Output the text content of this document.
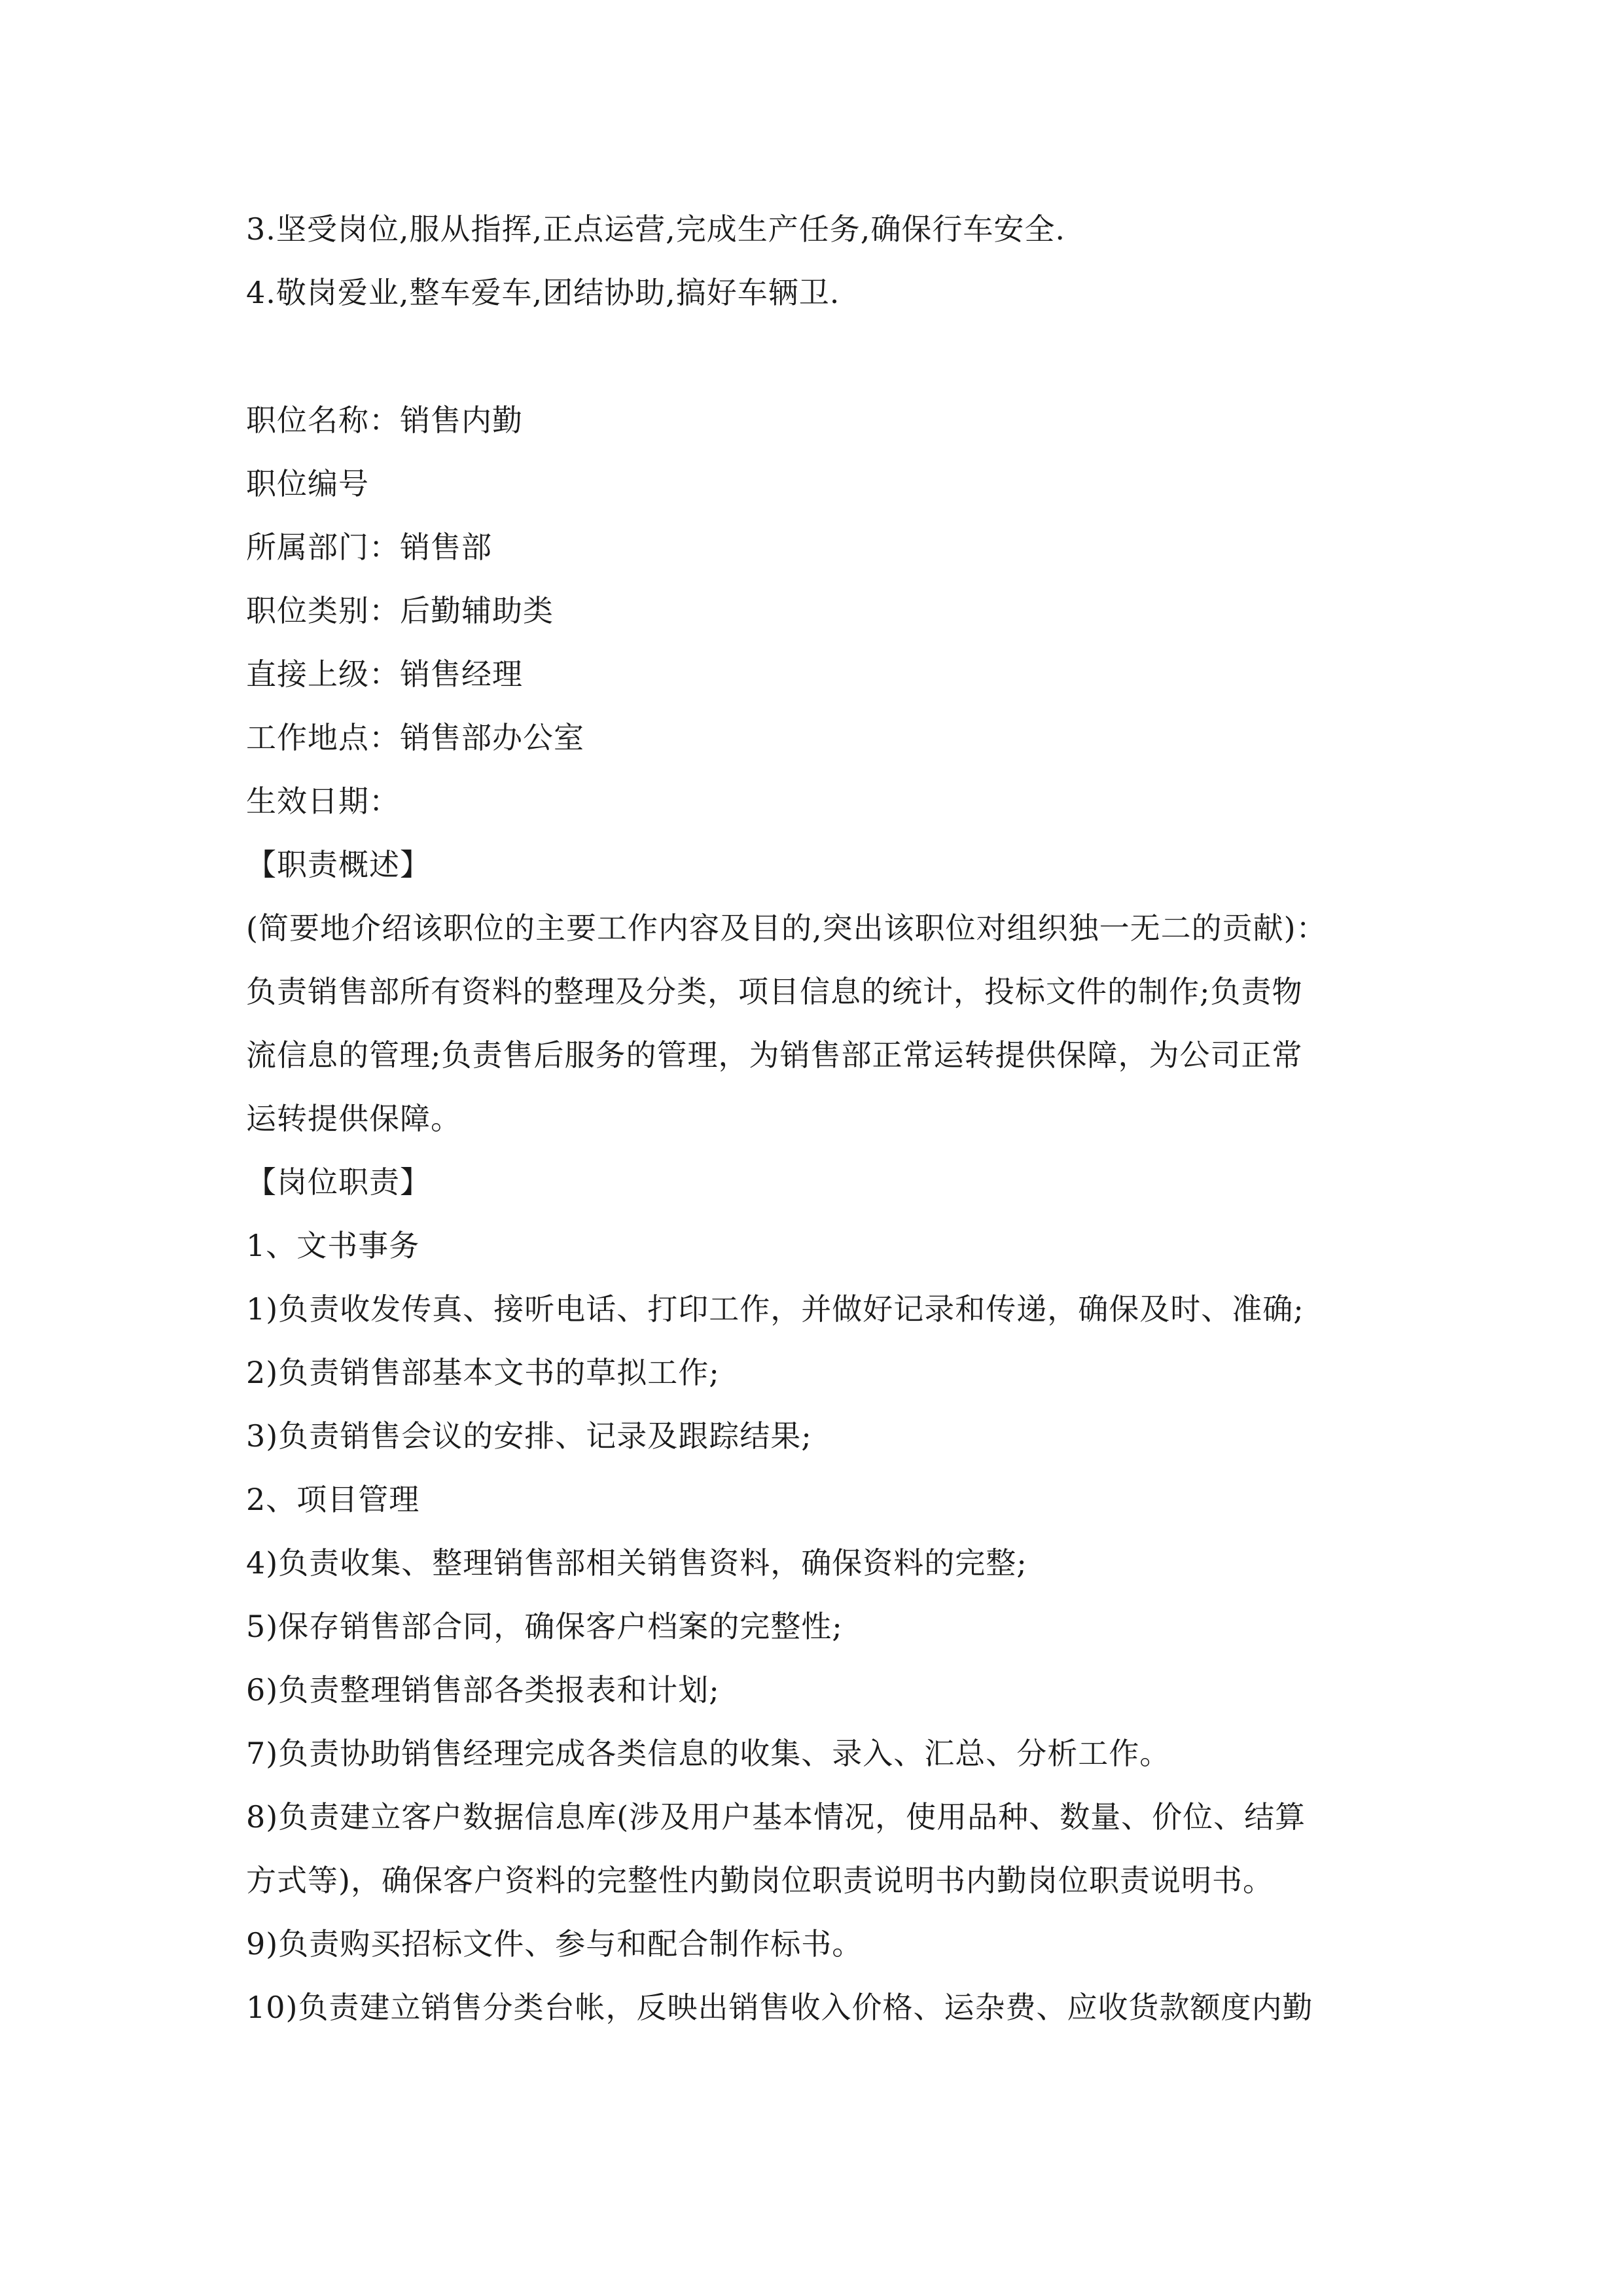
3.坚受岗位,服从指挥,正点运营,完成生产任务,确保行车安全.
4.敬岗爱业,整车爱车,团结协助,搞好车辆卫.
职位名称：销售内勤
职位编号
所属部门：销售部
职位类别：后勤辅助类
直接上级：销售经理
工作地点：销售部办公室
生效日期：
【职责概述】
(简要地介绍该职位的主要工作内容及目的,突出该职位对组织独一无二的贡献)：
负责销售部所有资料的整理及分类，项目信息的统计，投标文件的制作;负责物
流信息的管理;负责售后服务的管理，为销售部正常运转提供保障，为公司正常
运转提供保障。
【岗位职责】
1、文书事务
1)负责收发传真、接听电话、打印工作，并做好记录和传递，确保及时、准确;
2)负责销售部基本文书的草拟工作;
3)负责销售会议的安排、记录及跟踪结果;
2、项目管理
4)负责收集、整理销售部相关销售资料，确保资料的完整;
5)保存销售部合同，确保客户档案的完整性;
6)负责整理销售部各类报表和计划;
7)负责协助销售经理完成各类信息的收集、录入、汇总、分析工作。
8)负责建立客户数据信息库(涉及用户基本情况，使用品种、数量、价位、结算
方式等)，确保客户资料的完整性内勤岗位职责说明书内勤岗位职责说明书。
9)负责购买招标文件、参与和配合制作标书。
10)负责建立销售分类台帐，反映出销售收入价格、运杂费、应收货款额度内勤
